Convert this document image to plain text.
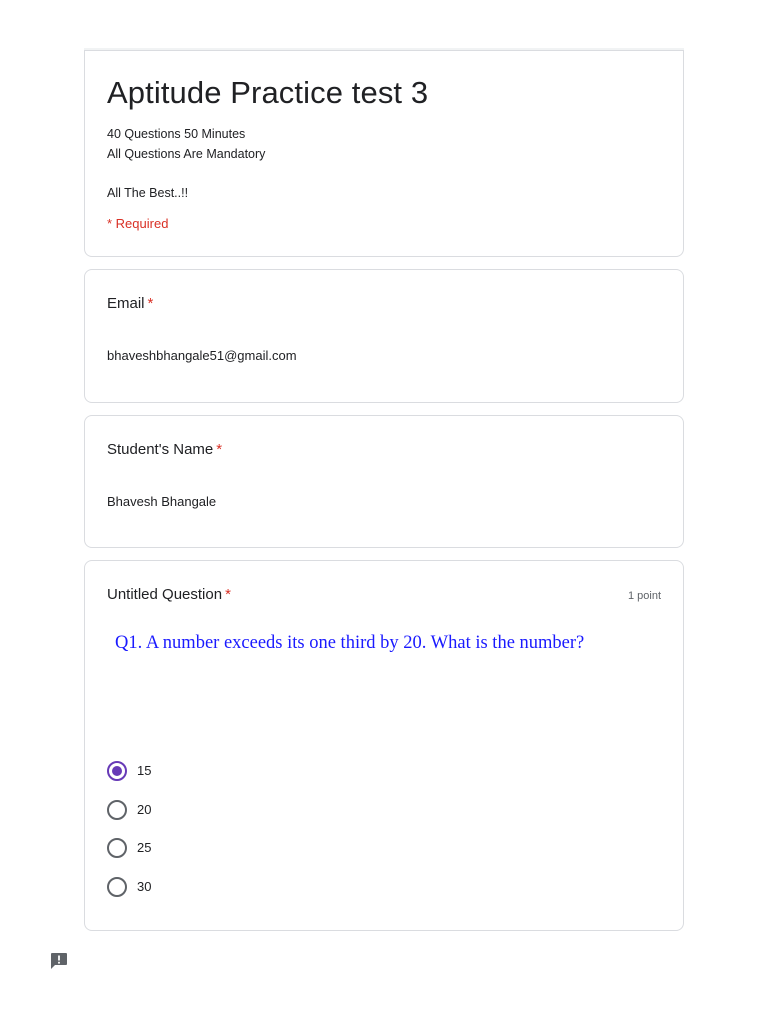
Aptitude Practice test 3
40 Questions 50 Minutes
All Questions Are Mandatory
All The Best..!!
* Required
Email *
bhaveshbhangale51@gmail.com
Student's Name *
Bhavesh Bhangale
Untitled Question *	1 point
Q1. A number exceeds its one third by 20. What is the number?
15
20
25
30
